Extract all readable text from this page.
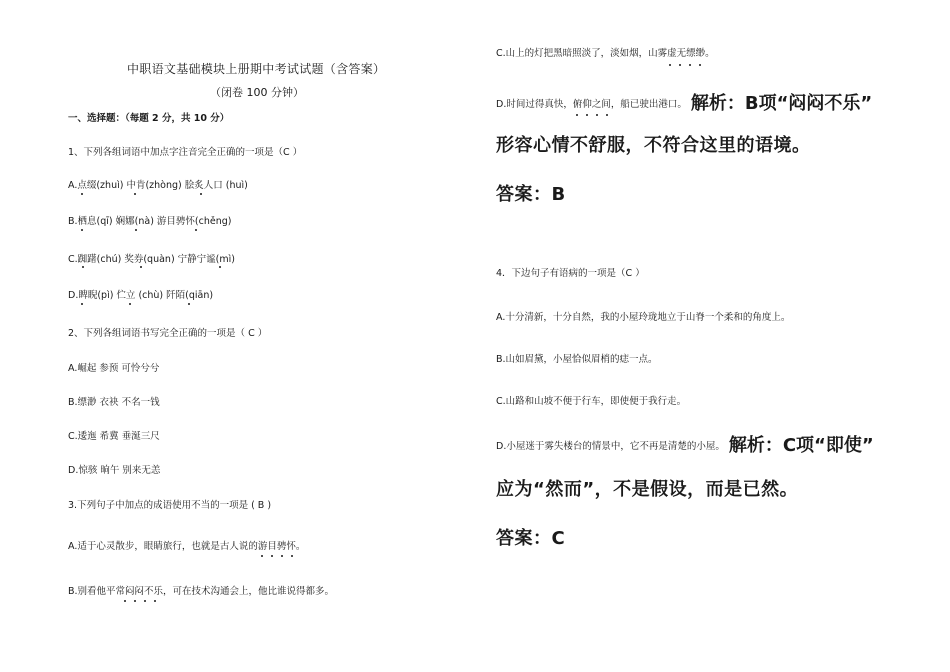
中职语文基础模块上册期中考试试题（含答案）
（闭卷 100 分钟）
一、选择题：（每题 2 分，共 10 分）
1、下列各组词语中加点字注音完全正确的一项是（C ）
A.点缀(zhuì) 中肯(zhòng) 脍炙人口 (huì)
B.栖息(qī) 娴娜(nà) 游目骋怀(chěng)
C.踟躇(chú) 奖券(quàn) 宁静宁谧(mì)
D.睥睨(pì) 伫立 (chù) 阡陌(qiān)
2、下列各组词语书写完全正确的一项是（ C ）
A.崛起 参预 可怜兮兮
B.缥渺 衣袂 不名一钱
C.逶迤 希冀 垂涎三尺
D.惊骇 晌午 别来无恙
3.下列句子中加点的成语使用不当的一项是 ( B )
A.适于心灵散步，眼睛旅行，也就是古人说的游目骋怀。
B.别看他平常闷闷不乐，可在技术沟通会上，他比谁说得都多。
C.山上的灯把黑暗照淡了，淡如烟，山雾虚无缥缈。
D.时间过得真快，俯仰之间，船已驶出港口。 解析：B项“闷闷不乐”
形容心情不舒服，不符合这里的语境。
答案：B
4．下边句子有语病的一项是（C ）
A.十分清新，十分自然，我的小屋玲珑地立于山脊一个柔和的角度上。
B.山如眉黛，小屋恰似眉梢的痣一点。
C.山路和山坡不便于行车，即使便于我行走。
D.小屋迷于雾失楼台的情景中，它不再是清楚的小屋。 解析：C项“即使”
应为“然而”，不是假设，而是已然。
答案：C
